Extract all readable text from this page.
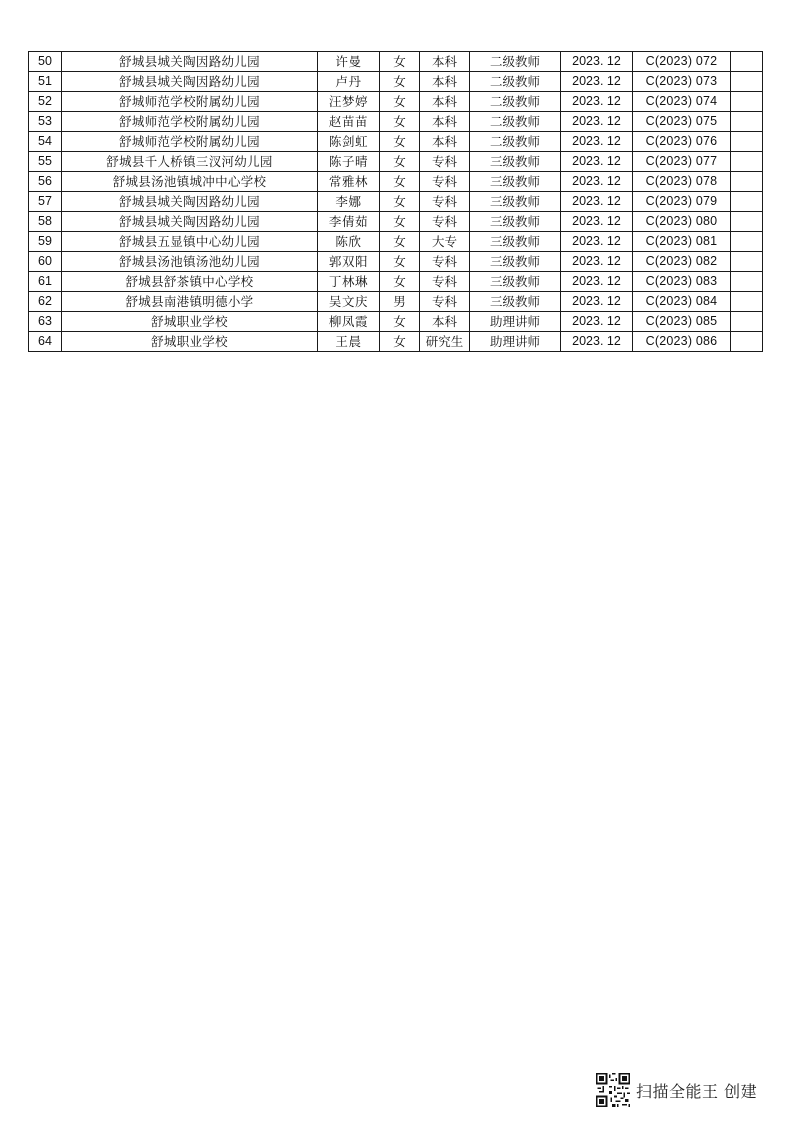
50	舒城县城关陶因路幼儿园	许曼	女	本科	二级教师	2023. 12	C(2023) 072	
51	舒城县城关陶因路幼儿园	卢丹	女	本科	二级教师	2023. 12	C(2023) 073	
52	舒城师范学校附属幼儿园	汪梦婷	女	本科	二级教师	2023. 12	C(2023) 074	
53	舒城师范学校附属幼儿园	赵苗苗	女	本科	二级教师	2023. 12	C(2023) 075	
54	舒城师范学校附属幼儿园	陈剑虹	女	本科	二级教师	2023. 12	C(2023) 076	
55	舒城县千人桥镇三汊河幼儿园	陈子晴	女	专科	三级教师	2023. 12	C(2023) 077	
56	舒城县汤池镇城冲中心学校	常雅林	女	专科	三级教师	2023. 12	C(2023) 078	
57	舒城县城关陶因路幼儿园	李娜	女	专科	三级教师	2023. 12	C(2023) 079	
58	舒城县城关陶因路幼儿园	李倩茹	女	专科	三级教师	2023. 12	C(2023) 080	
59	舒城县五显镇中心幼儿园	陈欣	女	大专	三级教师	2023. 12	C(2023) 081	
60	舒城县汤池镇汤池幼儿园	郭双阳	女	专科	三级教师	2023. 12	C(2023) 082	
61	舒城县舒茶镇中心学校	丁林琳	女	专科	三级教师	2023. 12	C(2023) 083	
62	舒城县南港镇明德小学	吴文庆	男	专科	三级教师	2023. 12	C(2023) 084	
63	舒城职业学校	柳凤霞	女	本科	助理讲师	2023. 12	C(2023) 085	
64	舒城职业学校	王晨	女	研究生	助理讲师	2023. 12	C(2023) 086	
扫描全能王 创建
